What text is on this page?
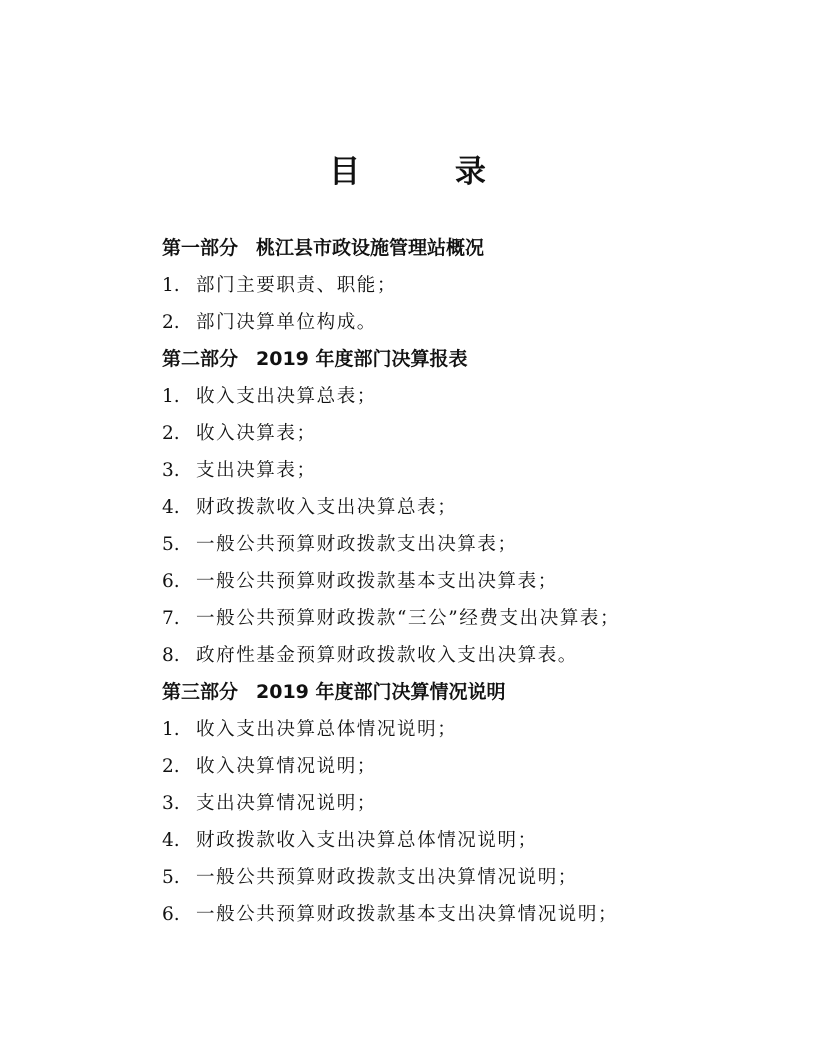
目 录
第一部分 桃江县市政设施管理站概况
1. 部门主要职责、职能；
2. 部门决算单位构成。
第二部分 2019 年度部门决算报表
1. 收入支出决算总表；
2. 收入决算表；
3. 支出决算表；
4. 财政拨款收入支出决算总表；
5. 一般公共预算财政拨款支出决算表；
6. 一般公共预算财政拨款基本支出决算表；
7. 一般公共预算财政拨款“三公”经费支出决算表；
8. 政府性基金预算财政拨款收入支出决算表。
第三部分 2019 年度部门决算情况说明
1. 收入支出决算总体情况说明；
2. 收入决算情况说明；
3. 支出决算情况说明；
4. 财政拨款收入支出决算总体情况说明；
5. 一般公共预算财政拨款支出决算情况说明；
6. 一般公共预算财政拨款基本支出决算情况说明；
